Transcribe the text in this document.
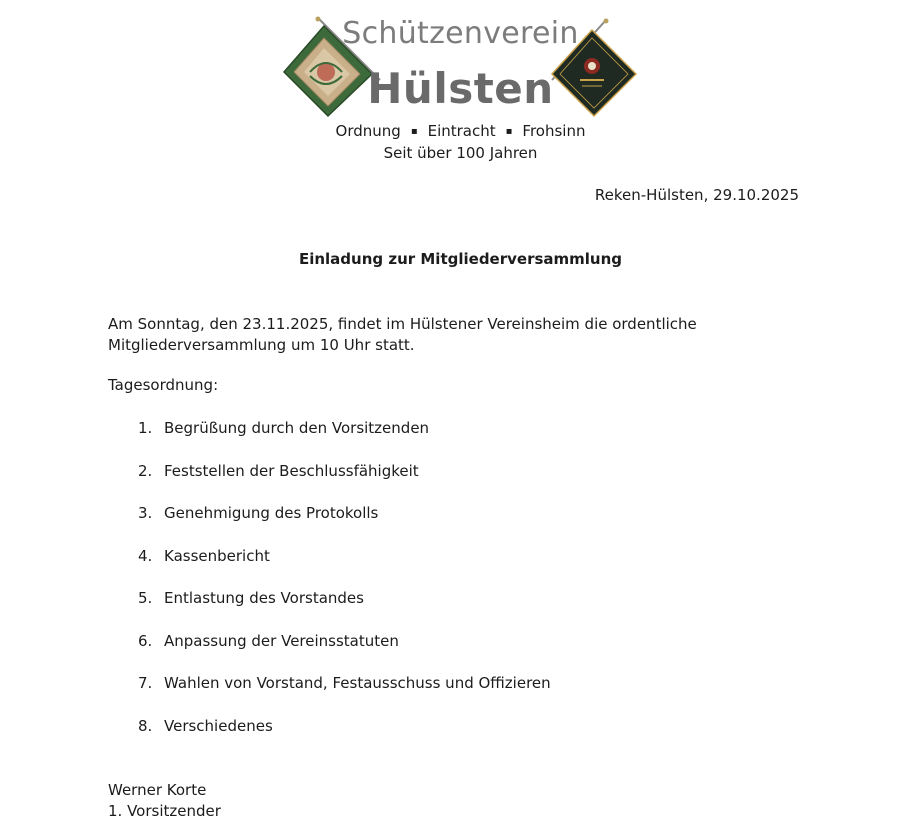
Schützenverein
Hülsten
Ordnung ▪ Eintracht ▪ Frohsinn
Seit über 100 Jahren
Reken-Hülsten, 29.10.2025
Einladung zur Mitgliederversammlung
Am Sonntag, den 23.11.2025, findet im Hülstener Vereinsheim die ordentliche Mitgliederversammlung um 10 Uhr statt.
Tagesordnung:
1. Begrüßung durch den Vorsitzenden
2. Feststellen der Beschlussfähigkeit
3. Genehmigung des Protokolls
4. Kassenbericht
5. Entlastung des Vorstandes
6. Anpassung der Vereinsstatuten
7. Wahlen von Vorstand, Festausschuss und Offizieren
8. Verschiedenes
Werner Korte
1. Vorsitzender
